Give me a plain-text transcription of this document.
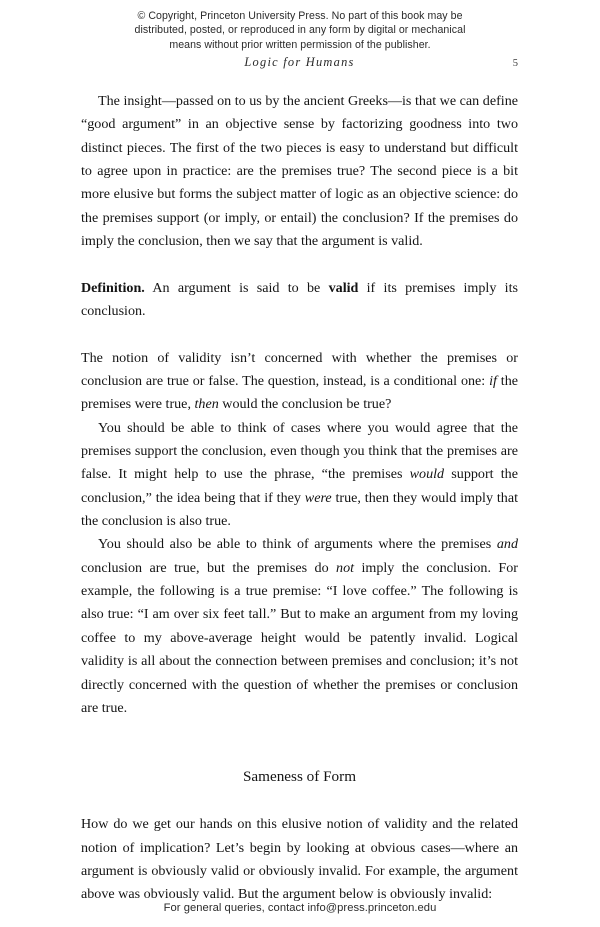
© Copyright, Princeton University Press. No part of this book may be
distributed, posted, or reproduced in any form by digital or mechanical
means without prior written permission of the publisher.
Logic for Humans	5

The insight—passed on to us by the ancient Greeks—is that we can define “good argument” in an objective sense by factorizing goodness into two distinct pieces. The first of the two pieces is easy to understand but difficult to agree upon in practice: are the premises true? The second piece is a bit more elusive but forms the subject matter of logic as an objective science: do the premises support (or imply, or entail) the conclusion? If the premises do imply the conclusion, then we say that the argument is valid.

Definition. An argument is said to be valid if its premises imply its conclusion.

The notion of validity isn’t concerned with whether the premises or conclusion are true or false. The question, instead, is a conditional one: if the premises were true, then would the conclusion be true?

You should be able to think of cases where you would agree that the premises support the conclusion, even though you think that the premises are false. It might help to use the phrase, “the premises would support the conclusion,” the idea being that if they were true, then they would imply that the conclusion is also true.

You should also be able to think of arguments where the premises and conclusion are true, but the premises do not imply the conclusion. For example, the following is a true premise: “I love coffee.” The following is also true: “I am over six feet tall.” But to make an argument from my loving coffee to my above-average height would be patently invalid. Logical validity is all about the connection between premises and conclusion; it’s not directly concerned with the question of whether the premises or conclusion are true.

Sameness of Form

How do we get our hands on this elusive notion of validity and the related notion of implication? Let’s begin by looking at obvious cases—where an argument is obviously valid or obviously invalid. For example, the argument above was obviously valid. But the argument below is obviously invalid:

For general queries, contact info@press.princeton.edu
